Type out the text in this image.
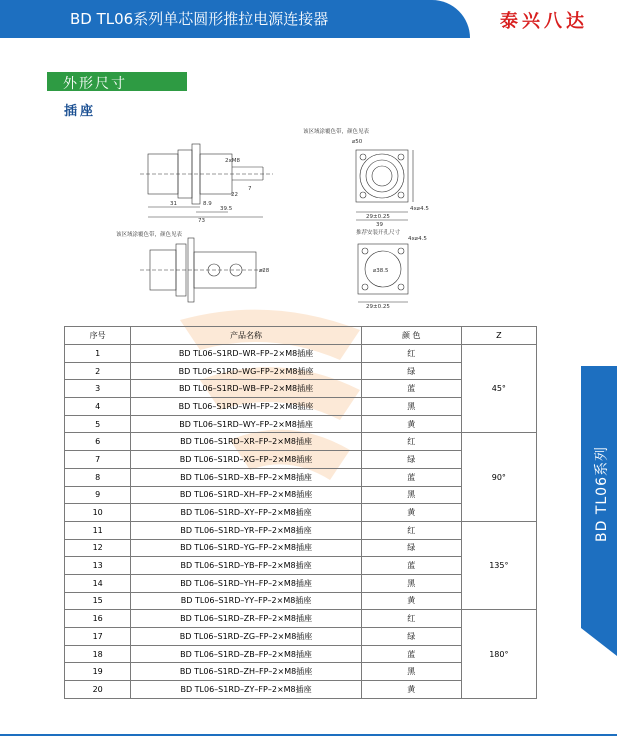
BD TL06系列单芯圆形推拉电源连接器	泰兴八达
外形尺寸
插座
2xM8
22
7
31	8.9
39.5
73
该区域涂覆色带，颜色见表
⌀28
该区域涂覆色带，颜色见表
⌀50
29±0.25
39
4x⌀4.5
推荐安装开孔尺寸
4x⌀4.5
⌀38.5
29±0.25
序号	产品名称	颜 色	Z
1	BD TL06–S1RD–WR–FP–2×M8插座	红	45°
2	BD TL06–S1RD–WG–FP–2×M8插座	绿	
3	BD TL06–S1RD–WB–FP–2×M8插座	蓝	
4	BD TL06–S1RD–WH–FP–2×M8插座	黑	
5	BD TL06–S1RD–WY–FP–2×M8插座	黄	
6	BD TL06–S1RD–XR–FP–2×M8插座	红	90°
7	BD TL06–S1RD–XG–FP–2×M8插座	绿	
8	BD TL06–S1RD–XB–FP–2×M8插座	蓝	
9	BD TL06–S1RD–XH–FP–2×M8插座	黑	
10	BD TL06–S1RD–XY–FP–2×M8插座	黄	
11	BD TL06–S1RD–YR–FP–2×M8插座	红	135°
12	BD TL06–S1RD–YG–FP–2×M8插座	绿	
13	BD TL06–S1RD–YB–FP–2×M8插座	蓝	
14	BD TL06–S1RD–YH–FP–2×M8插座	黑	
15	BD TL06–S1RD–YY–FP–2×M8插座	黄	
16	BD TL06–S1RD–ZR–FP–2×M8插座	红	180°
17	BD TL06–S1RD–ZG–FP–2×M8插座	绿	
18	BD TL06–S1RD–ZB–FP–2×M8插座	蓝	
19	BD TL06–S1RD–ZH–FP–2×M8插座	黑	
20	BD TL06–S1RD–ZY–FP–2×M8插座	黄	
BD TL06系列
